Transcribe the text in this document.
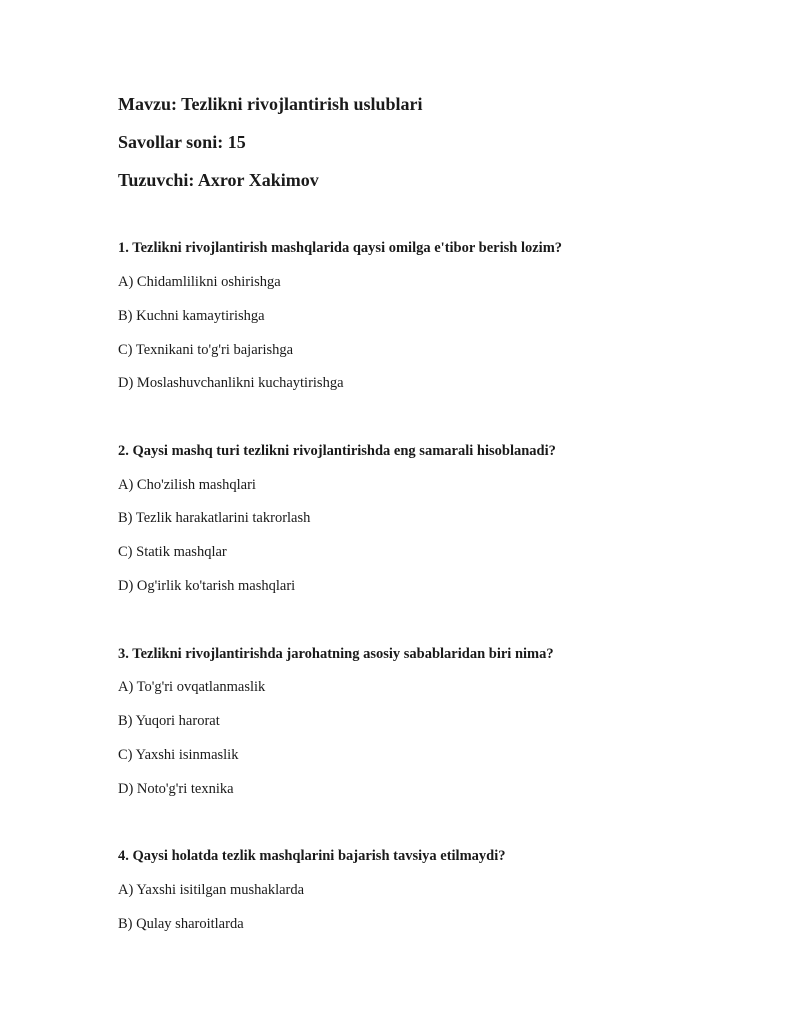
Mavzu: Tezlikni rivojlantirish uslublari

Savollar soni: 15

Tuzuvchi: Axror Xakimov

1. Tezlikni rivojlantirish mashqlarida qaysi omilga e'tibor berish lozim?

A) Chidamlilikni oshirishga

B) Kuchni kamaytirishga

C) Texnikani to'g'ri bajarishga

D) Moslashuvchanlikni kuchaytirishga

2. Qaysi mashq turi tezlikni rivojlantirishda eng samarali hisoblanadi?

A) Cho'zilish mashqlari

B) Tezlik harakatlarini takrorlash

C) Statik mashqlar

D) Og'irlik ko'tarish mashqlari

3. Tezlikni rivojlantirishda jarohatning asosiy sabablaridan biri nima?

A) To'g'ri ovqatlanmaslik

B) Yuqori harorat

C) Yaxshi isinmaslik

D) Noto'g'ri texnika

4. Qaysi holatda tezlik mashqlarini bajarish tavsiya etilmaydi?

A) Yaxshi isitilgan mushaklarda

B) Qulay sharoitlarda
